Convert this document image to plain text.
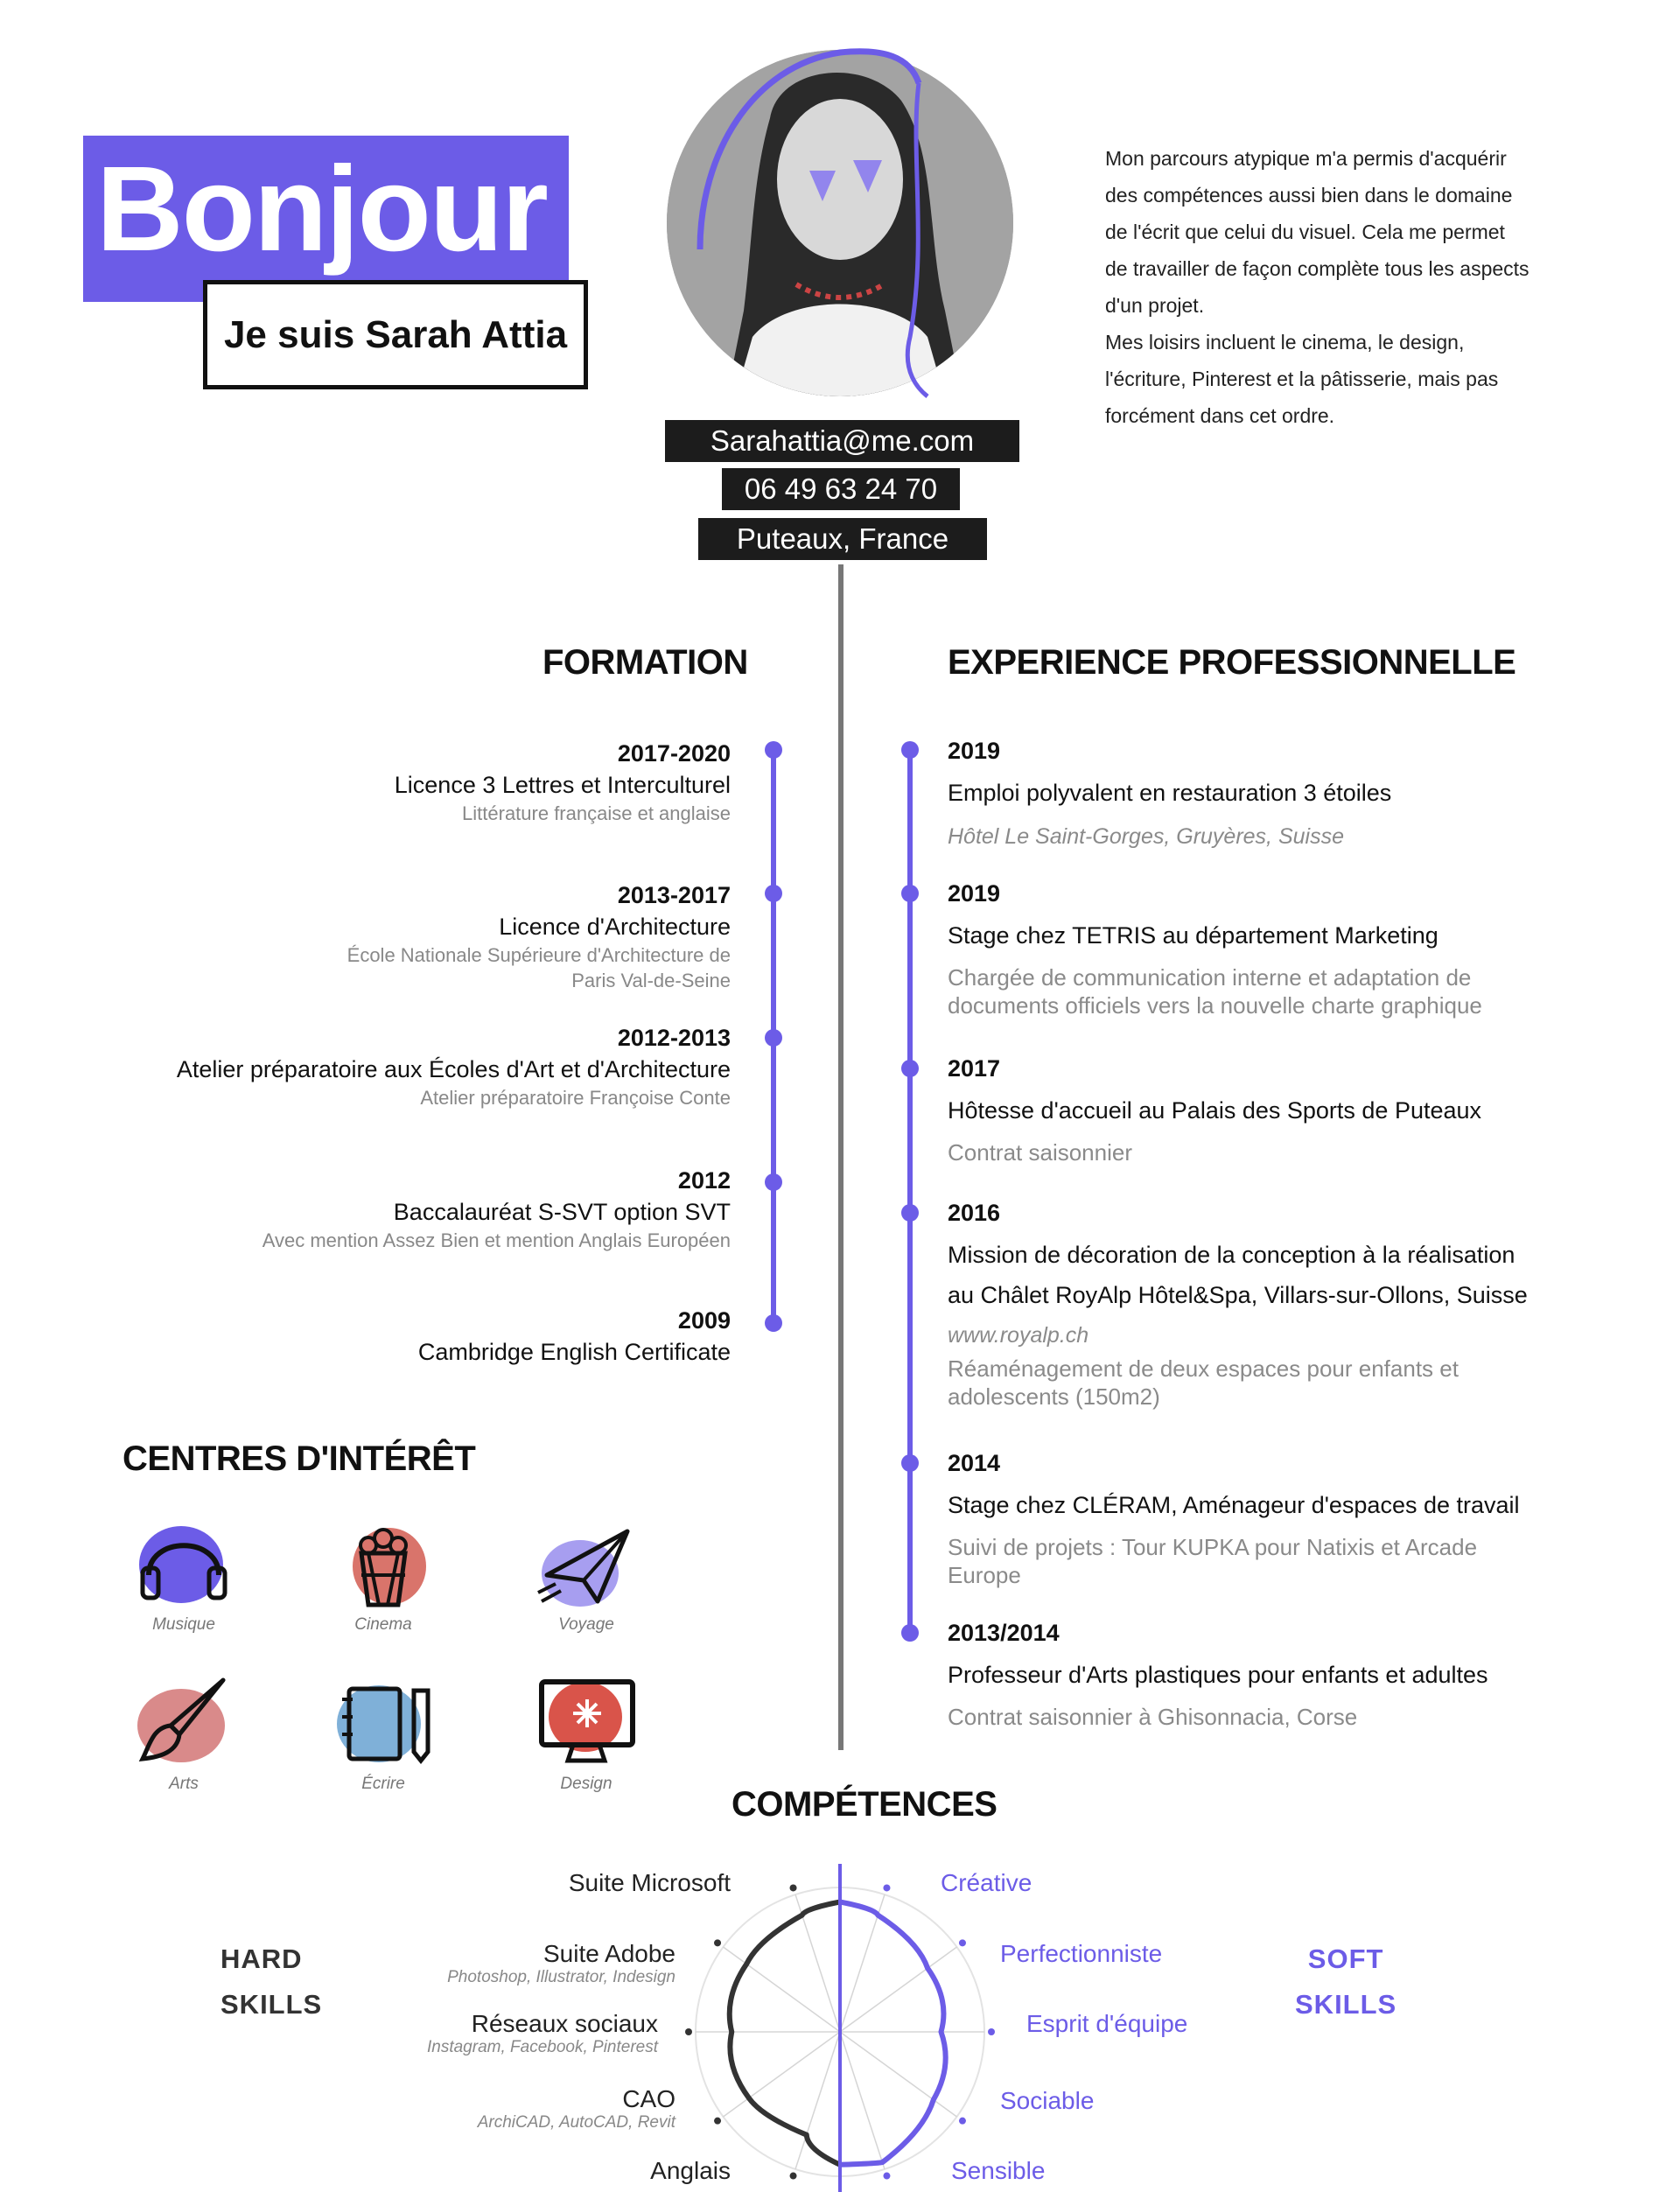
Bonjour
Je suis Sarah Attia

Mon parcours atypique m'a permis d'acquérir

des compétences aussi bien dans le domaine

de l'écrit que celui du visuel. Cela me permet

de travailler de façon complète tous les aspects

d'un projet.

Mes loisirs incluent le cinema, le design,

l'écriture, Pinterest et la pâtisserie, mais pas

forcément dans cet ordre.

Sarahattia@me.com
06 49 63 24 70
Puteaux, France
FORMATION
2017-2020
Licence 3 Lettres et Interculturel
Littérature française et anglaise
2013-2017
Licence d'Architecture
École Nationale Supérieure d'Architecture de
Paris Val-de-Seine
2012-2013
Atelier préparatoire aux Écoles d'Art et d'Architecture
Atelier préparatoire Françoise Conte
2012
Baccalauréat S-SVT option SVT
Avec mention Assez Bien et mention Anglais Européen
2009
Cambridge English Certificate
EXPERIENCE PROFESSIONNELLE
2019
Emploi polyvalent en restauration 3 étoiles
Hôtel Le Saint-Gorges, Gruyères, Suisse
2019
Stage chez TETRIS au département Marketing
Chargée de communication interne et adaptation de
documents officiels vers la nouvelle charte graphique
2017
Hôtesse d'accueil au Palais des Sports de Puteaux
Contrat saisonnier
2016
Mission de décoration de la conception à la réalisation
au Châlet RoyAlp Hôtel&Spa, Villars-sur-Ollons, Suisse
www.royalp.ch
Réaménagement de deux espaces pour enfants et
adolescents (150m2)
2014
Stage chez CLÉRAM, Aménageur d'espaces de travail
Suivi de projets : Tour KUPKA pour Natixis et Arcade
Europe
2013/2014
Professeur d'Arts plastiques pour enfants et adultes
Contrat saisonnier à Ghisonnacia, Corse
CENTRES D'INTÉRÊT
Musique	Cinema	Voyage
Arts	Écrire	Design
COMPÉTENCES
HARD
SKILLS
SOFT
SKILLS
Suite Microsoft
Suite Adobe
Photoshop, Illustrator, Indesign
Réseaux sociaux
Instagram, Facebook, Pinterest
CAO
ArchiCAD, AutoCAD, Revit
Anglais
Créative
Perfectionniste
Esprit d'équipe
Sociable
Sensible
